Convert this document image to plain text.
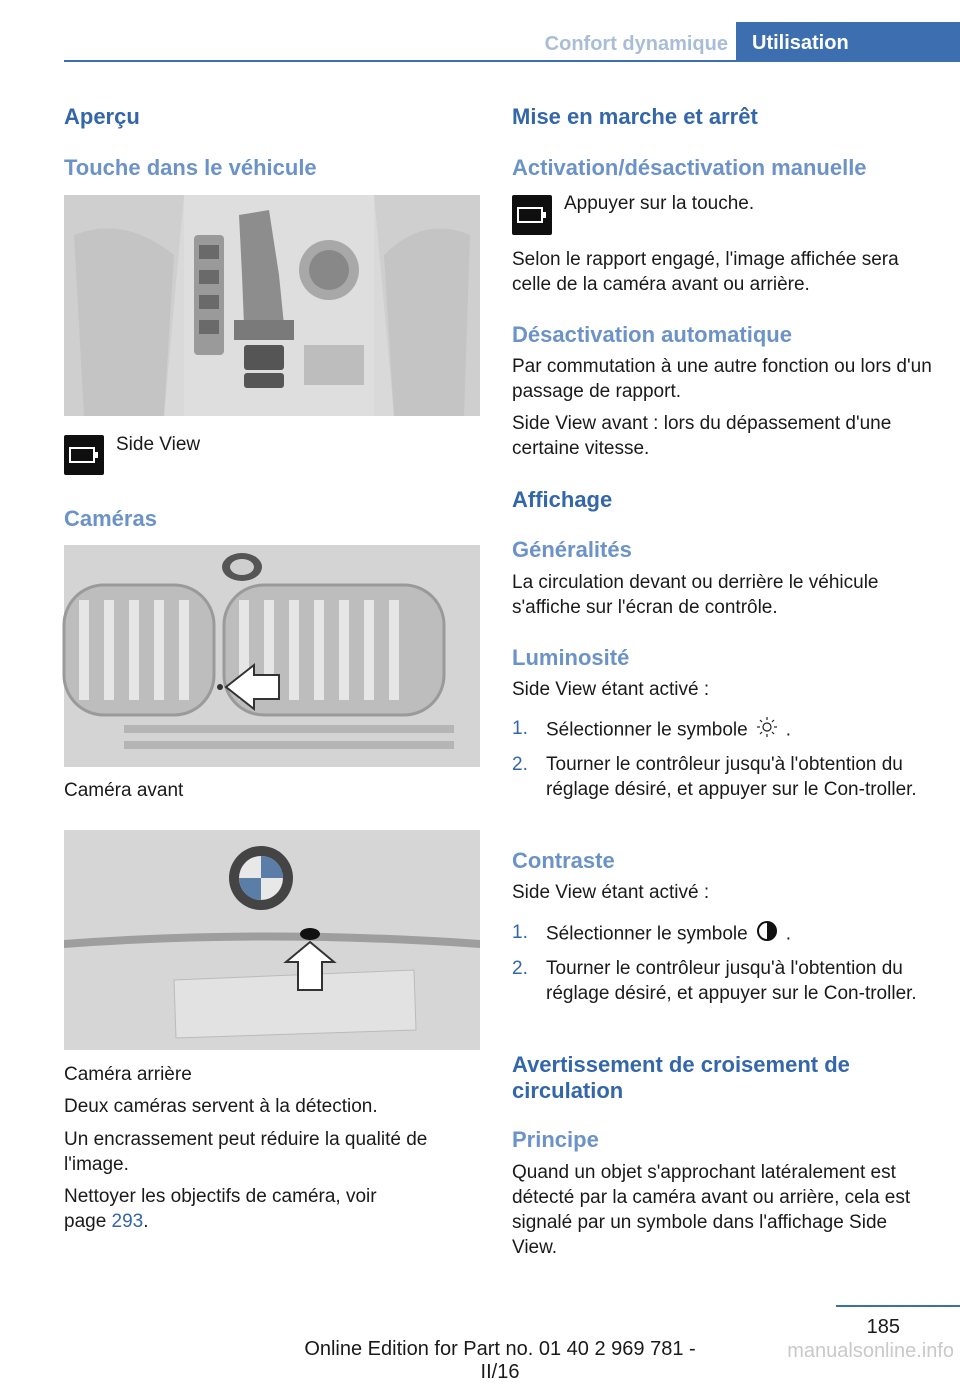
Confort dynamique	Utilisation
Aperçu
Touche dans le véhicule
Side View
Caméras
Caméra avant
Caméra arrière
Deux caméras servent à la détection.
Un encrassement peut réduire la qualité de l'image.
Nettoyer les objectifs de caméra, voir page 293.
Mise en marche et arrêt
Activation/désactivation manuelle
Appuyer sur la touche.
Selon le rapport engagé, l'image affichée sera celle de la caméra avant ou arrière.
Désactivation automatique
Par commutation à une autre fonction ou lors d'un passage de rapport.
Side View avant : lors du dépassement d'une certaine vitesse.
Affichage
Généralités
La circulation devant ou derrière le véhicule s'affiche sur l'écran de contrôle.
Luminosité
Side View étant activé :
1. Sélectionner le symbole .
2. Tourner le contrôleur jusqu'à l'obtention du réglage désiré, et appuyer sur le Con-troller.
Contraste
Side View étant activé :
1. Sélectionner le symbole .
2. Tourner le contrôleur jusqu'à l'obtention du réglage désiré, et appuyer sur le Con-troller.
Avertissement de croisement de circulation
Principe
Quand un objet s'approchant latéralement est détecté par la caméra avant ou arrière, cela est signalé par un symbole dans l'affichage Side View.
185
Online Edition for Part no. 01 40 2 969 781 - II/16
manualsonline.info
